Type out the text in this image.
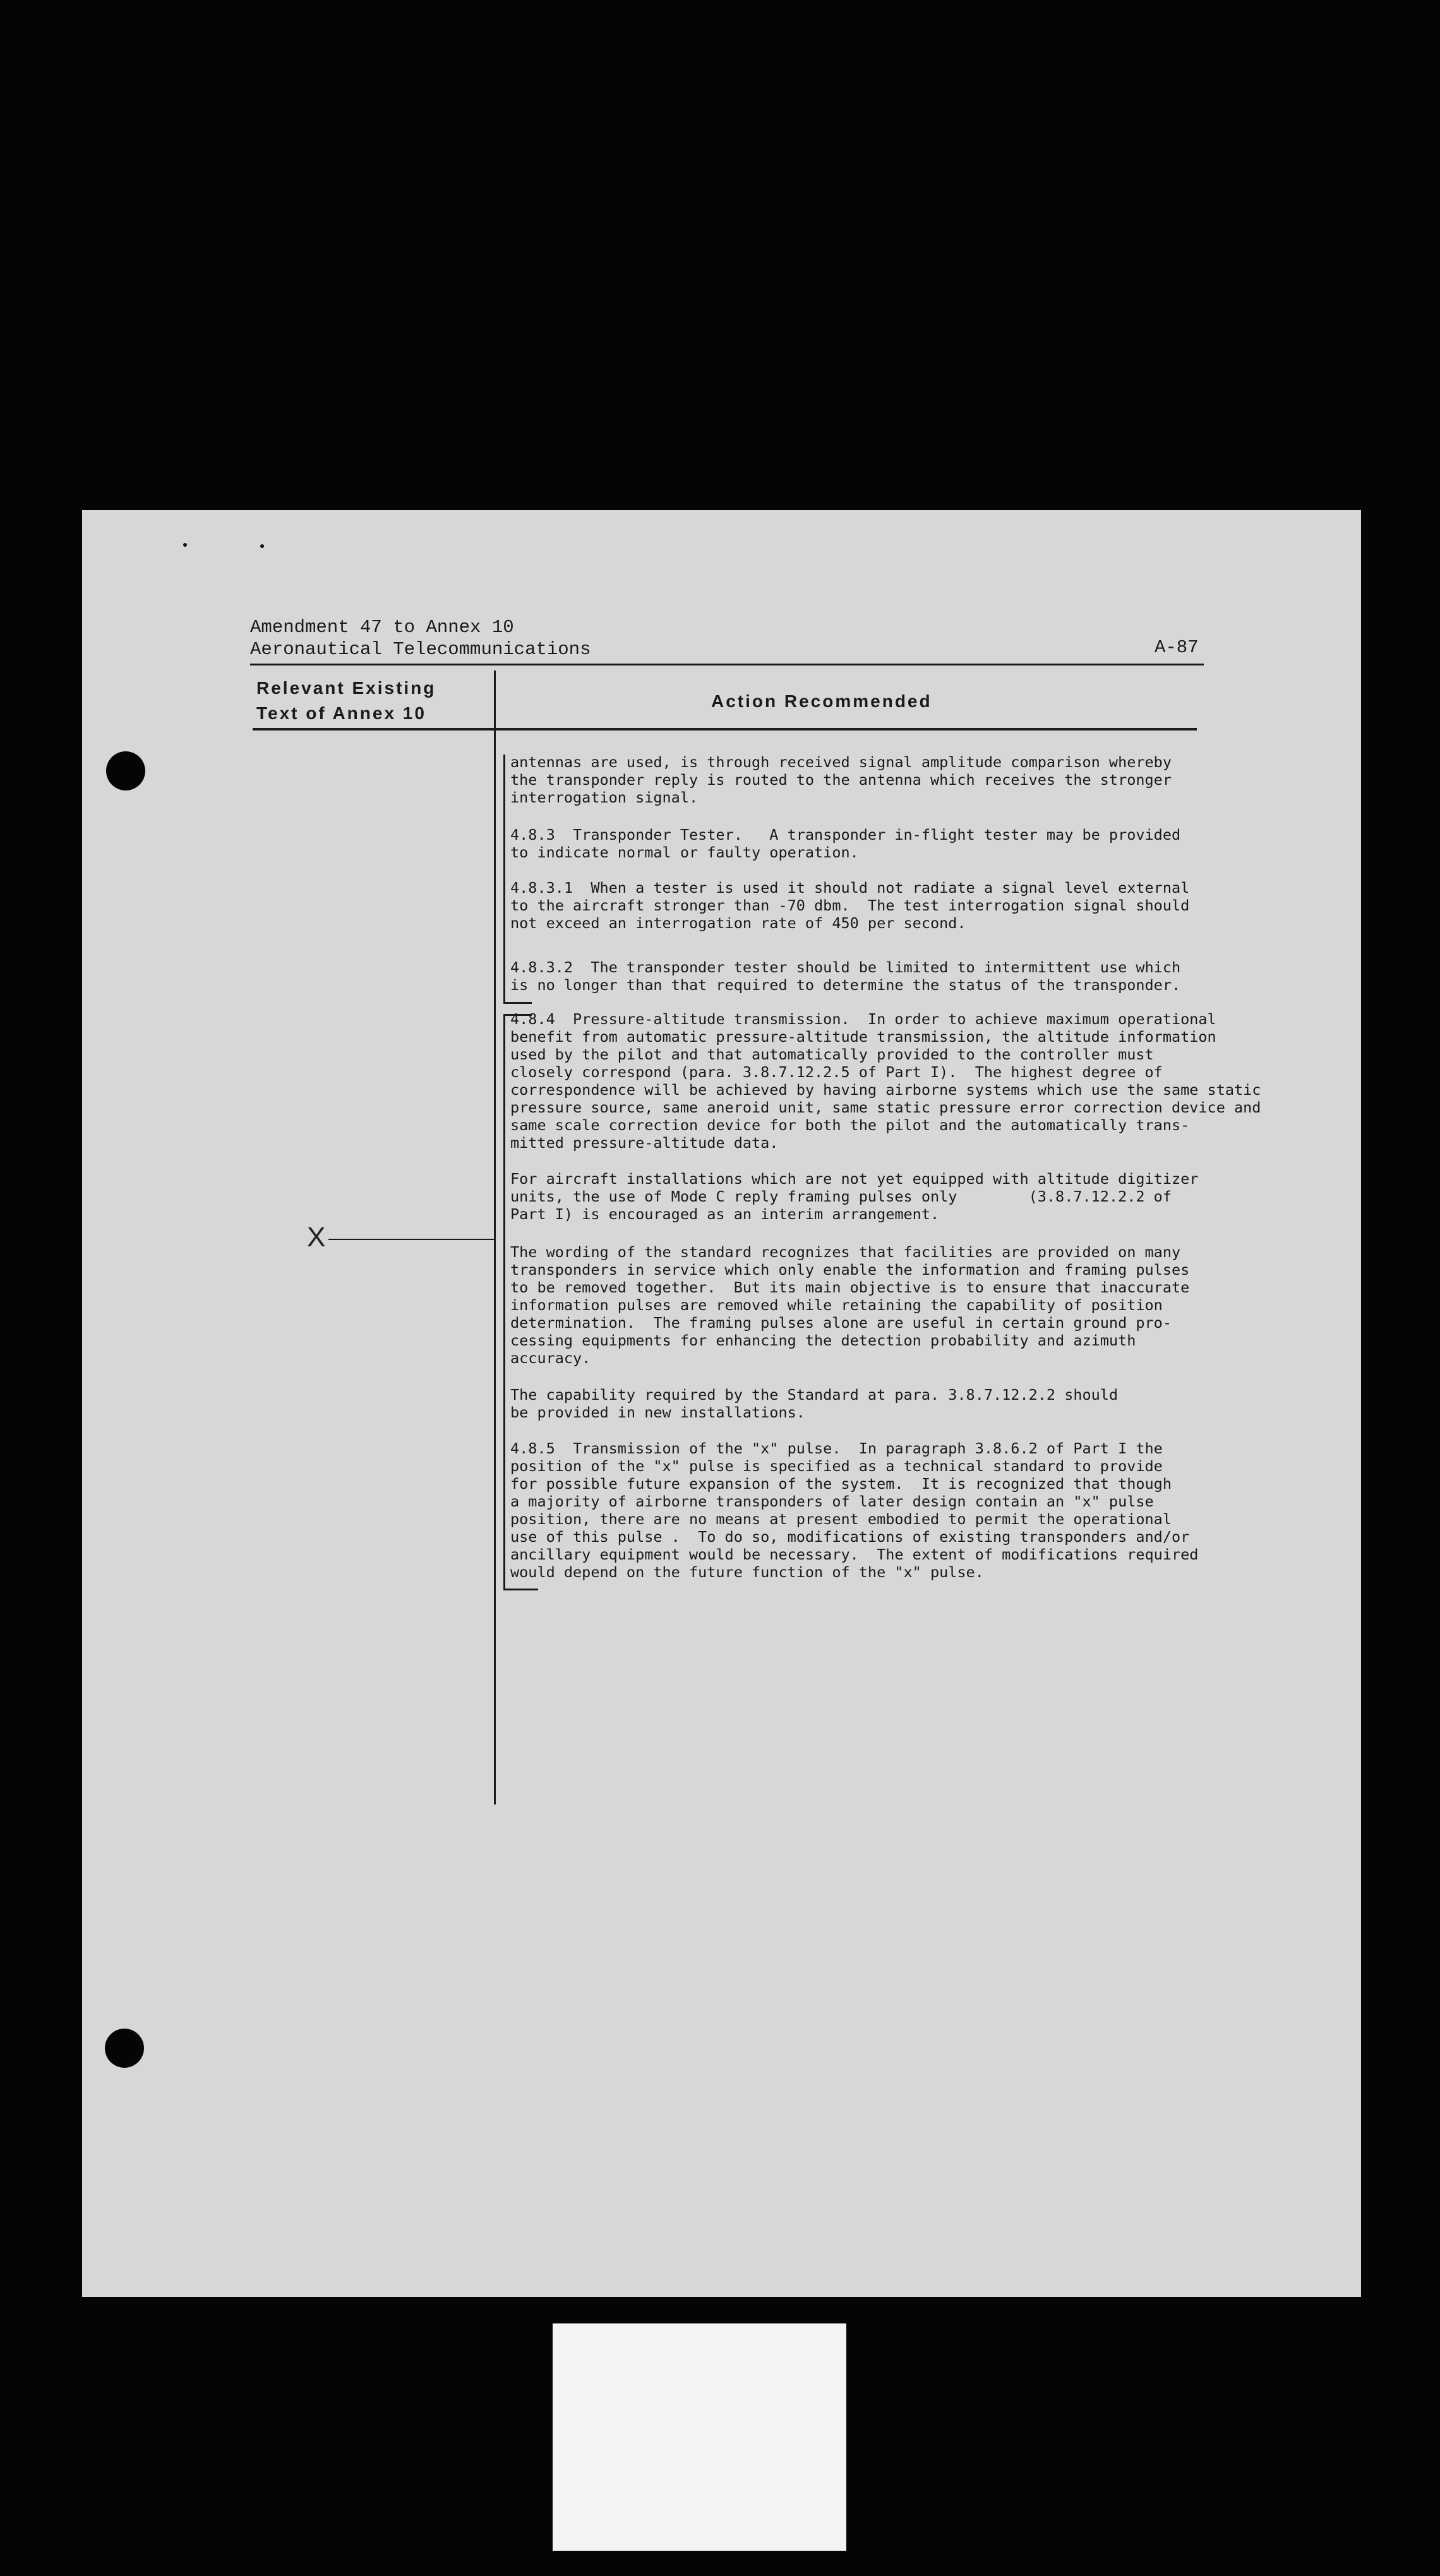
Amendment 47 to Annex 10
Aeronautical Telecommunications	A-87
Relevant Existing
Text of Annex 10
Action Recommended
X
antennas are used, is through received signal amplitude comparison whereby
the transponder reply is routed to the antenna which receives the stronger
interrogation signal.
4.8.3  Transponder Tester.   A transponder in-flight tester may be provided
to indicate normal or faulty operation.
4.8.3.1  When a tester is used it should not radiate a signal level external
to the aircraft stronger than -70 dbm.  The test interrogation signal should
not exceed an interrogation rate of 450 per second.
4.8.3.2  The transponder tester should be limited to intermittent use which
is no longer than that required to determine the status of the transponder.
4.8.4  Pressure-altitude transmission.  In order to achieve maximum operational
benefit from automatic pressure-altitude transmission, the altitude information
used by the pilot and that automatically provided to the controller must
closely correspond (para. 3.8.7.12.2.5 of Part I).  The highest degree of
correspondence will be achieved by having airborne systems which use the same static
pressure source, same aneroid unit, same static pressure error correction device and
same scale correction device for both the pilot and the automatically trans-
mitted pressure-altitude data.
For aircraft installations which are not yet equipped with altitude digitizer
units, the use of Mode C reply framing pulses only        (3.8.7.12.2.2 of
Part I) is encouraged as an interim arrangement.
The wording of the standard recognizes that facilities are provided on many
transponders in service which only enable the information and framing pulses
to be removed together.  But its main objective is to ensure that inaccurate
information pulses are removed while retaining the capability of position
determination.  The framing pulses alone are useful in certain ground pro-
cessing equipments for enhancing the detection probability and azimuth
accuracy.
The capability required by the Standard at para. 3.8.7.12.2.2 should
be provided in new installations.
4.8.5  Transmission of the "x" pulse.  In paragraph 3.8.6.2 of Part I the
position of the "x" pulse is specified as a technical standard to provide
for possible future expansion of the system.  It is recognized that though
a majority of airborne transponders of later design contain an "x" pulse
position, there are no means at present embodied to permit the operational
use of this pulse .  To do so, modifications of existing transponders and/or
ancillary equipment would be necessary.  The extent of modifications required
would depend on the future function of the "x" pulse.
